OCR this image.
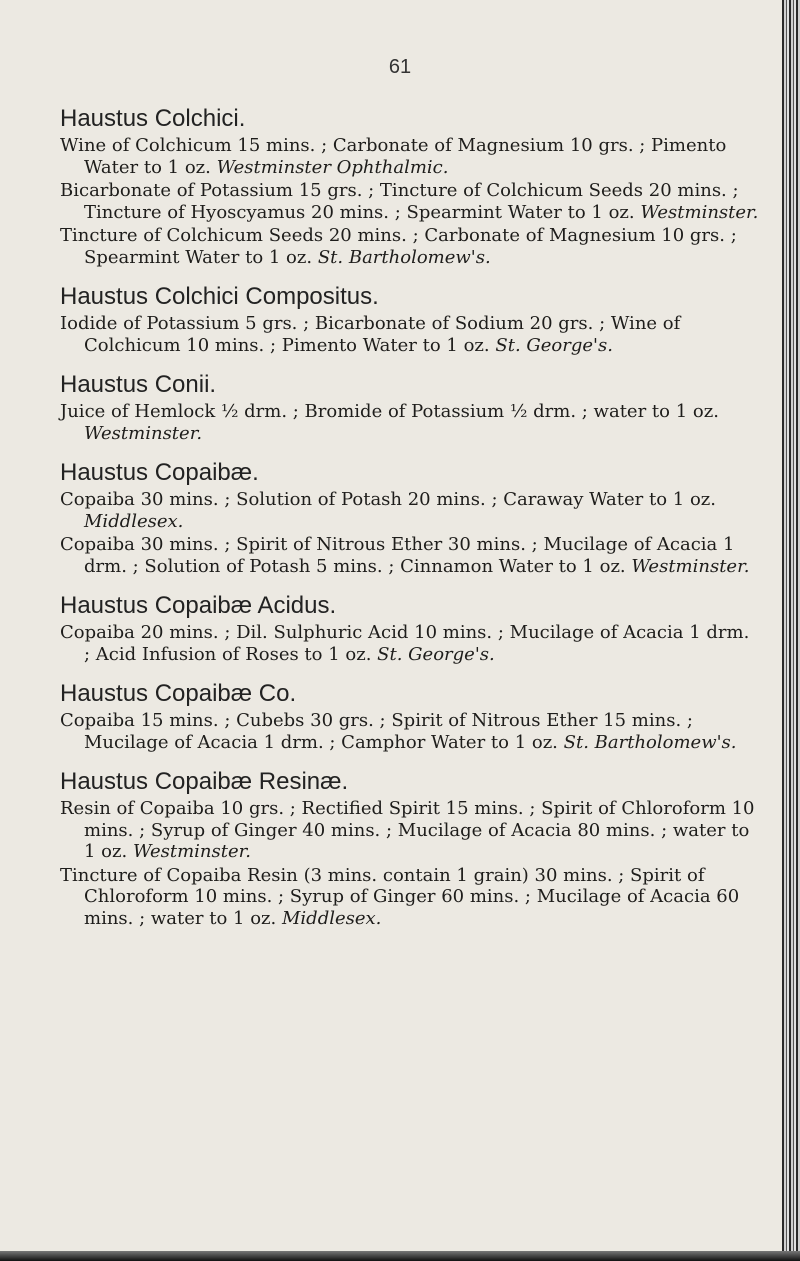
61
Haustus Colchici.
Wine of Colchicum 15 mins. ; Carbonate of Magnesium 10 grs. ; Pimento Water to 1 oz. Westminster Ophthalmic.
Bicarbonate of Potassium 15 grs. ; Tincture of Colchicum Seeds 20 mins. ; Tincture of Hyoscyamus 20 mins. ; Spearmint Water to 1 oz. Westminster.
Tincture of Colchicum Seeds 20 mins. ; Carbonate of Magnesium 10 grs. ; Spearmint Water to 1 oz. St. Bartholomew's.
Haustus Colchici Compositus.
Iodide of Potassium 5 grs. ; Bicarbonate of Sodium 20 grs. ; Wine of Colchicum 10 mins. ; Pimento Water to 1 oz. St. George's.
Haustus Conii.
Juice of Hemlock ½ drm. ; Bromide of Potassium ½ drm. ; water to 1 oz. Westminster.
Haustus Copaibæ.
Copaiba 30 mins. ; Solution of Potash 20 mins. ; Caraway Water to 1 oz. Middlesex.
Copaiba 30 mins. ; Spirit of Nitrous Ether 30 mins. ; Mucilage of Acacia 1 drm. ; Solution of Potash 5 mins. ; Cinnamon Water to 1 oz. Westminster.
Haustus Copaibæ Acidus.
Copaiba 20 mins. ; Dil. Sulphuric Acid 10 mins. ; Mucilage of Acacia 1 drm. ; Acid Infusion of Roses to 1 oz. St. George's.
Haustus Copaibæ Co.
Copaiba 15 mins. ; Cubebs 30 grs. ; Spirit of Nitrous Ether 15 mins. ; Mucilage of Acacia 1 drm. ; Camphor Water to 1 oz. St. Bartholomew's.
Haustus Copaibæ Resinæ.
Resin of Copaiba 10 grs. ; Rectified Spirit 15 mins. ; Spirit of Chloroform 10 mins. ; Syrup of Ginger 40 mins. ; Mucilage of Acacia 80 mins. ; water to 1 oz. Westminster.
Tincture of Copaiba Resin (3 mins. contain 1 grain) 30 mins. ; Spirit of Chloroform 10 mins. ; Syrup of Ginger 60 mins. ; Mucilage of Acacia 60 mins. ; water to 1 oz. Middlesex.
